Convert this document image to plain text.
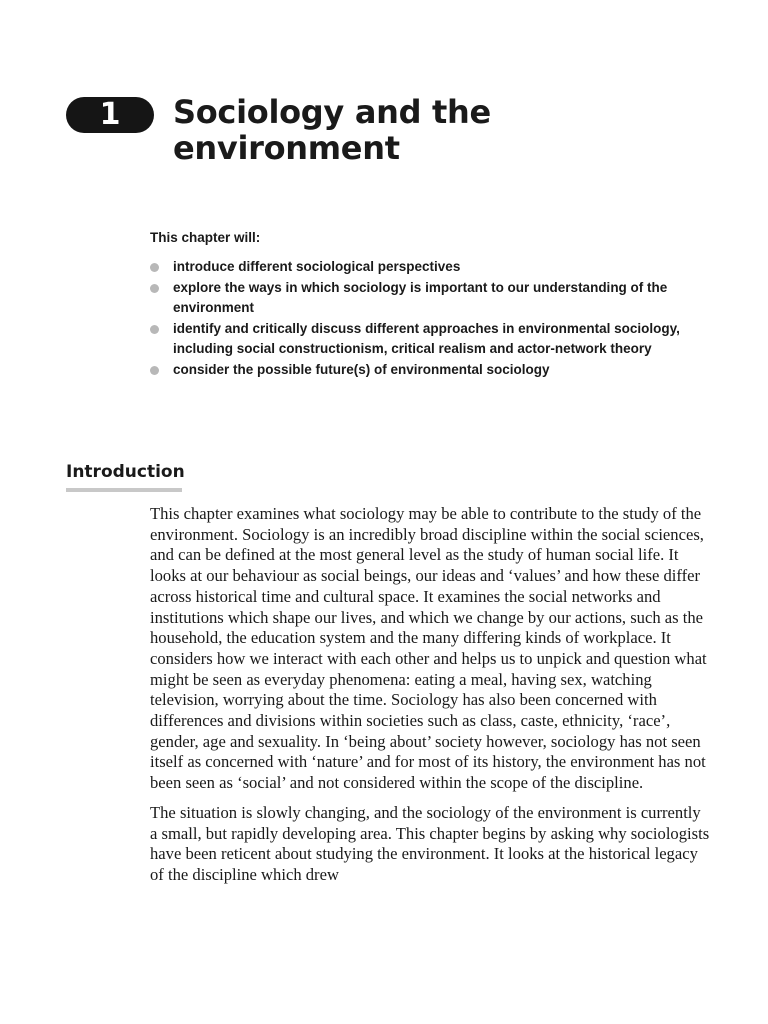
1	Sociology and the environment
This chapter will:
introduce different sociological perspectives
explore the ways in which sociology is important to our understanding of the environment
identify and critically discuss different approaches in environmental sociology, including social constructionism, critical realism and actor-network theory
consider the possible future(s) of environmental sociology
Introduction

This chapter examines what sociology may be able to contribute to the study of the environment. Sociology is an incredibly broad discipline within the social sciences, and can be defined at the most general level as the study of human social life. It looks at our behaviour as social beings, our ideas and ‘values’ and how these differ across historical time and cultural space. It examines the social networks and institutions which shape our lives, and which we change by our actions, such as the household, the education system and the many differing kinds of workplace. It considers how we interact with each other and helps us to unpick and question what might be seen as everyday phenomena: eating a meal, having sex, watching television, worrying about the time. Sociology has also been concerned with differences and divisions within societies such as class, caste, ethnicity, ‘race’, gender, age and sexuality. In ‘being about’ society however, sociology has not seen itself as concerned with ‘nature’ and for most of its history, the environment has not been seen as ‘social’ and not considered within the scope of the discipline.

The situation is slowly changing, and the sociology of the environment is currently a small, but rapidly developing area. This chapter begins by asking why sociologists have been reticent about studying the environment. It looks at the historical legacy of the discipline which drew
